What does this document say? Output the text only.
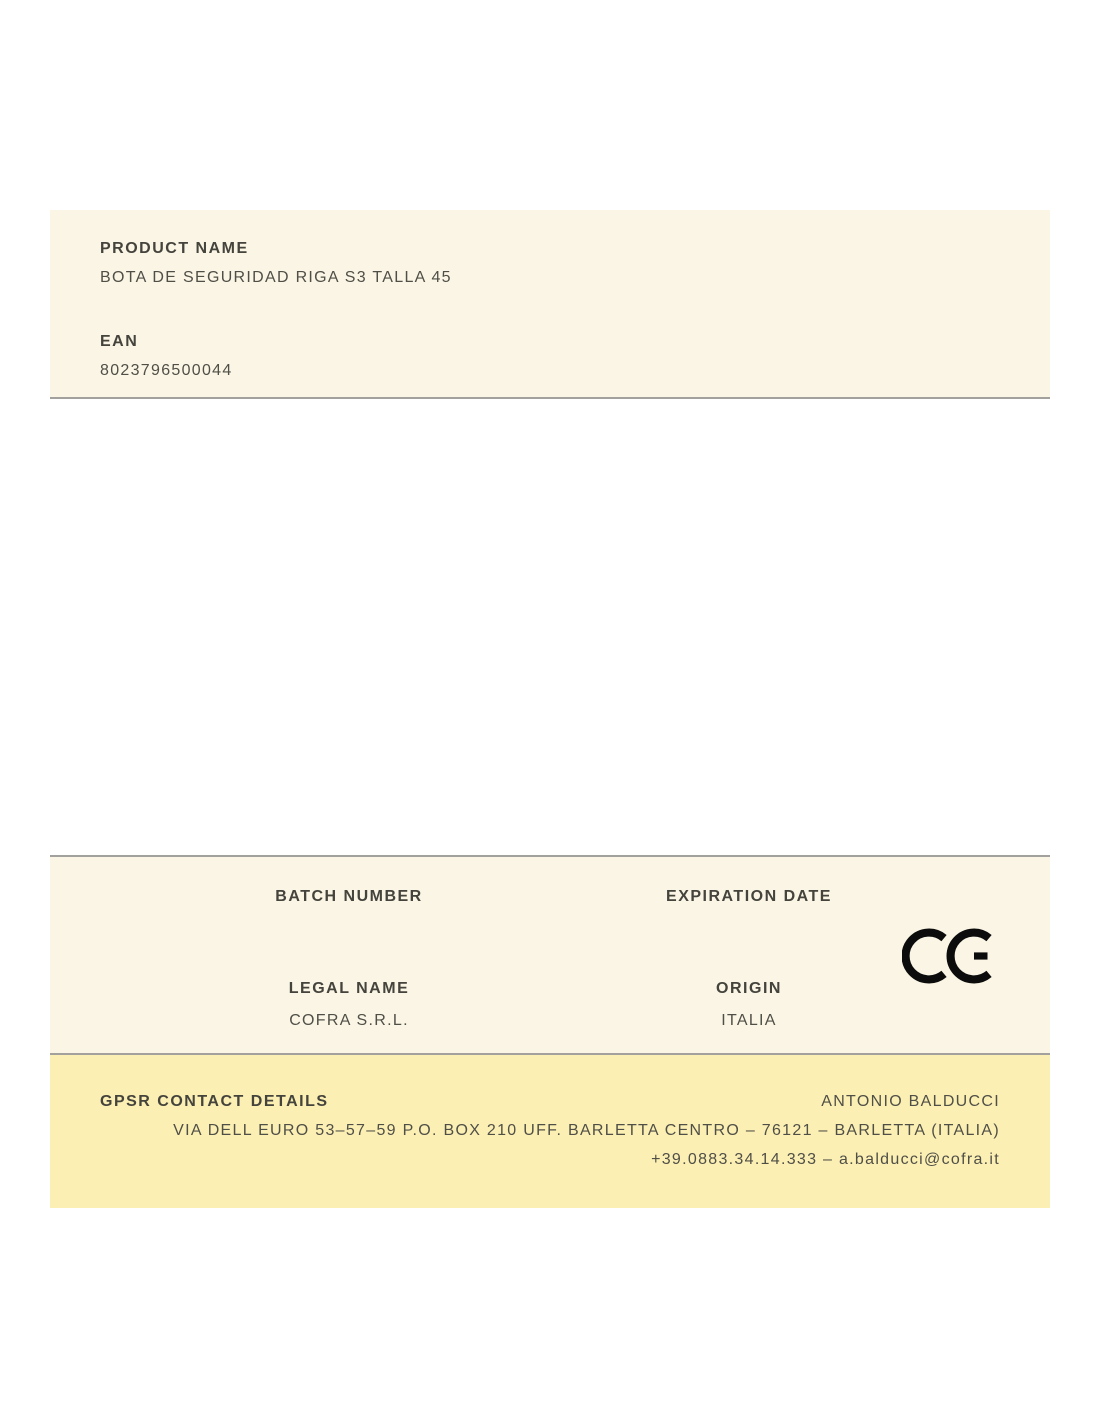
PRODUCT NAME
BOTA DE SEGURIDAD RIGA S3 TALLA 45
EAN
8023796500044
BATCH NUMBER	EXPIRATION DATE
LEGAL NAME	ORIGIN
COFRA S.R.L.	ITALIA
GPSR CONTACT DETAILS	ANTONIO BALDUCCI
VIA DELL EURO 53–57–59 P.O. BOX 210 UFF. BARLETTA CENTRO – 76121 – BARLETTA (ITALIA)
+39.0883.34.14.333 – a.balducci@cofra.it
